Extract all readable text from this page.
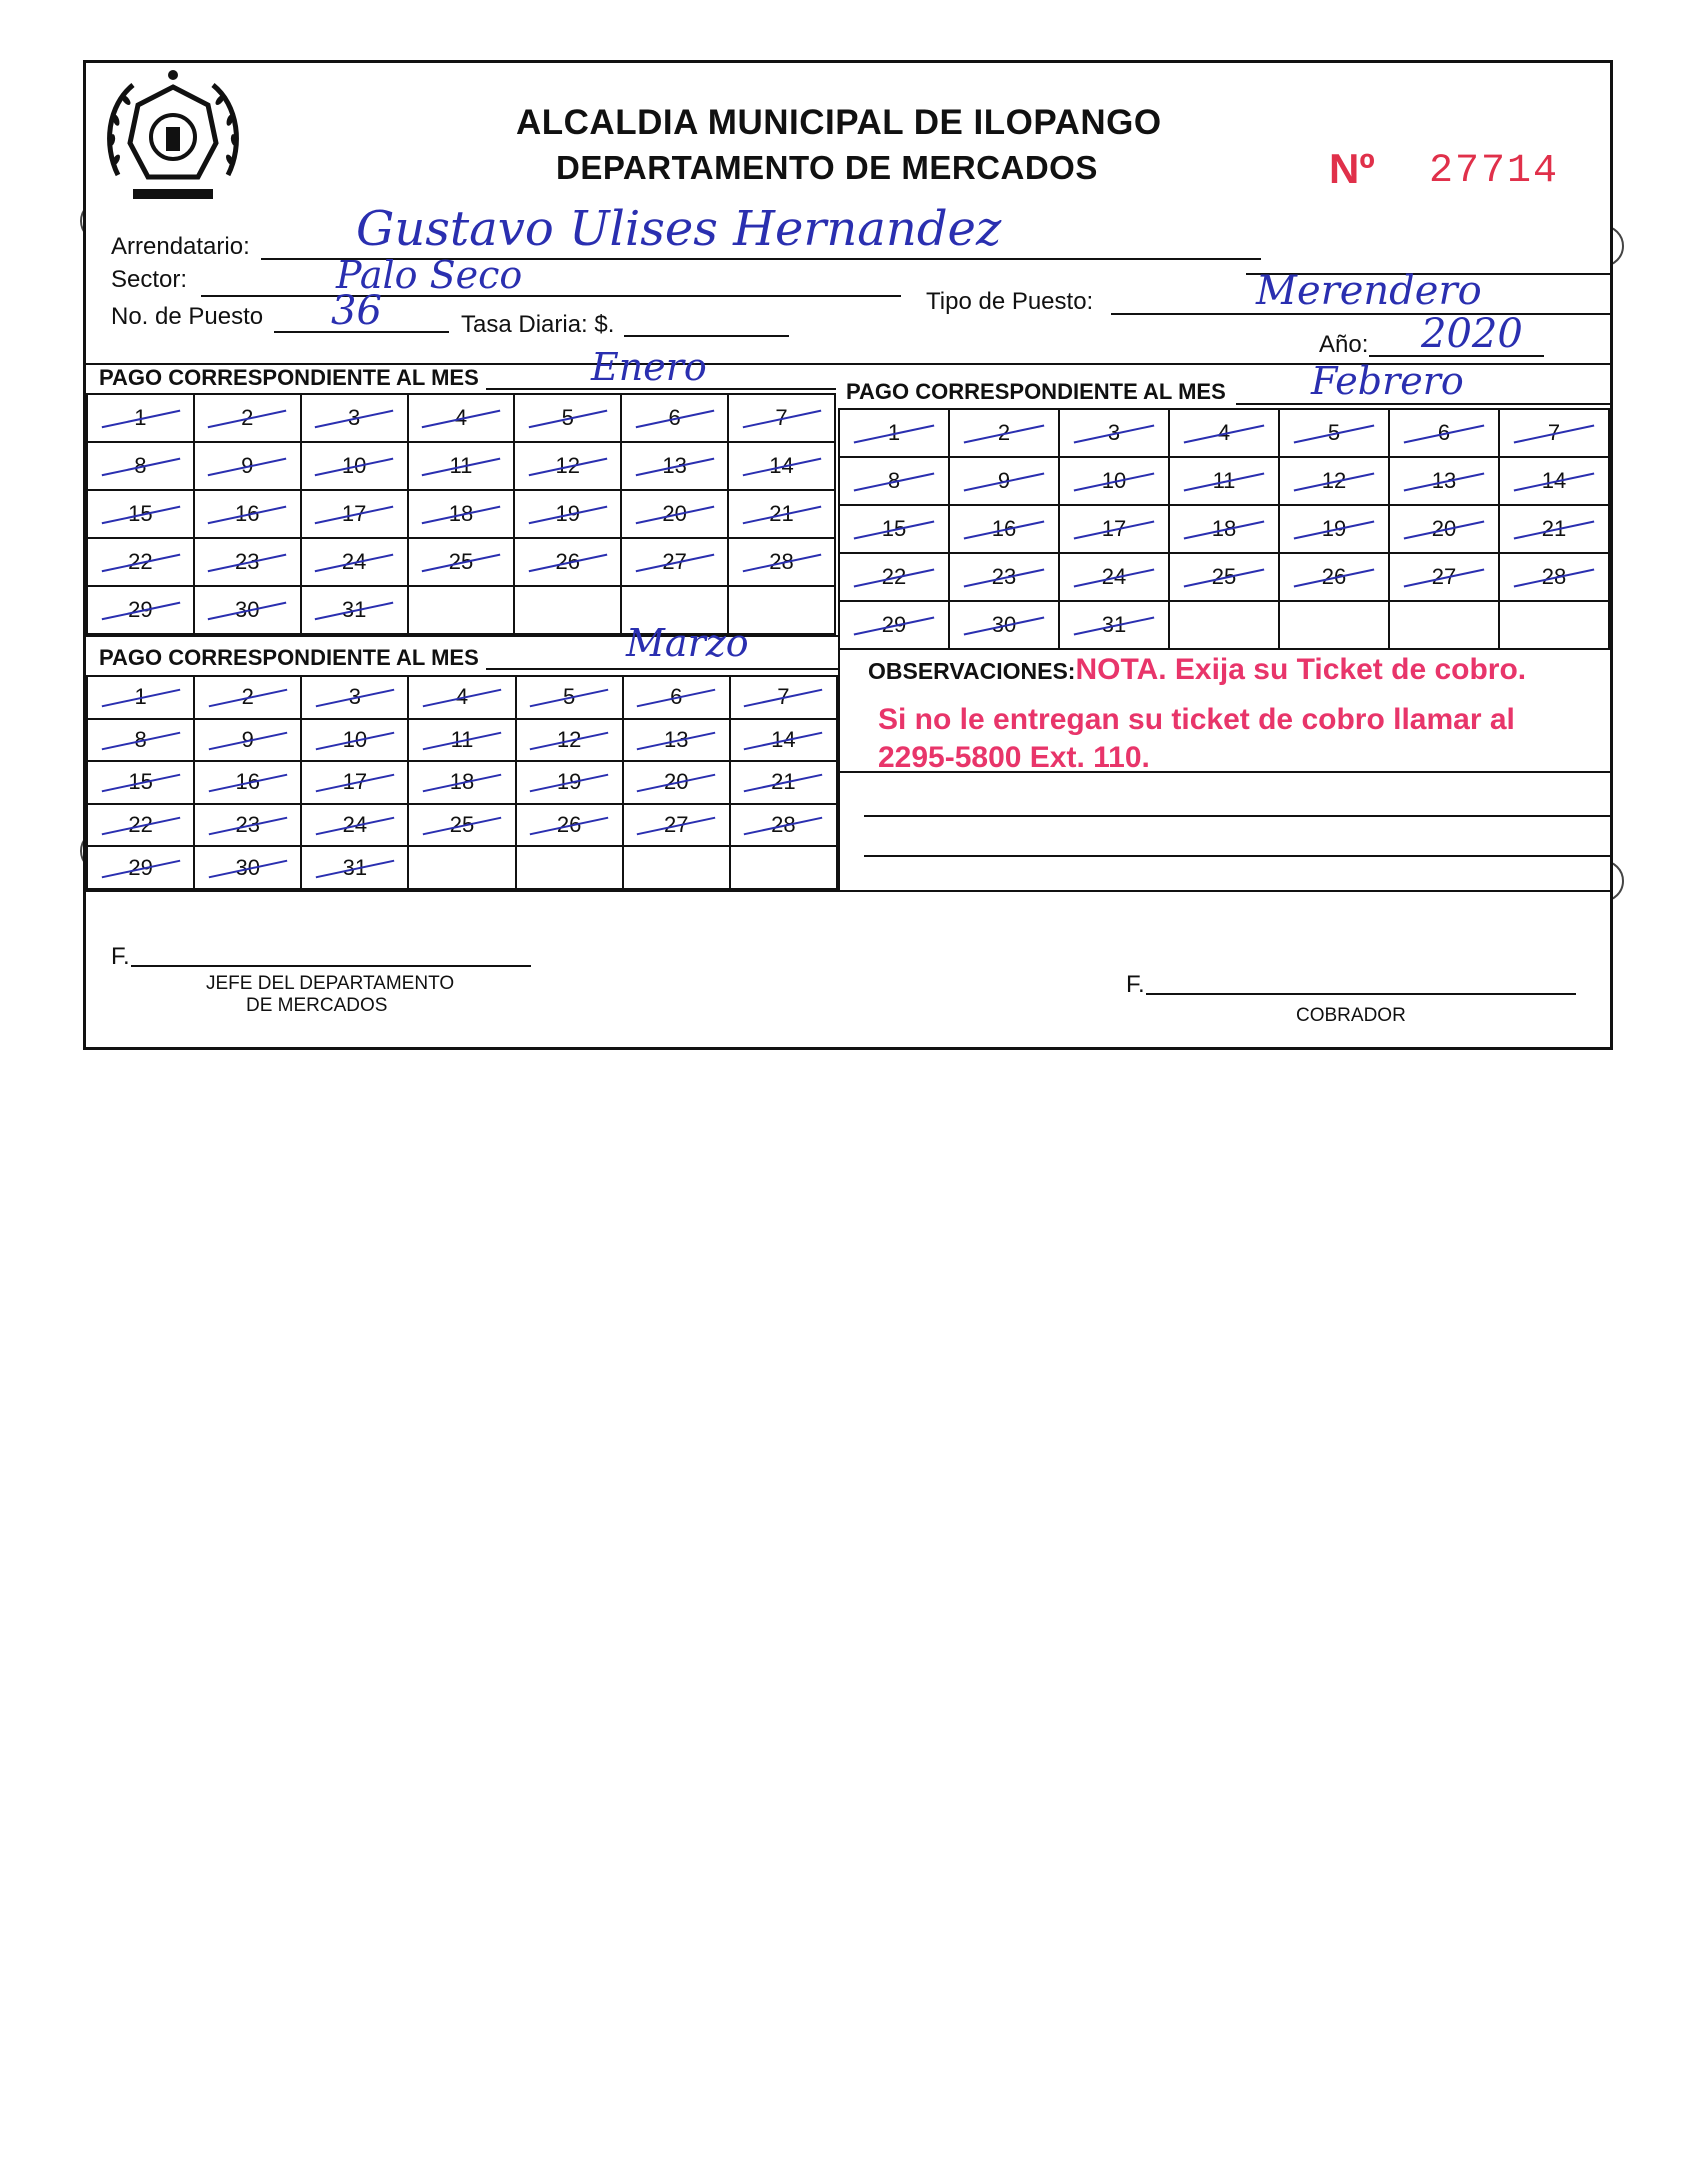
ALCALDIA MUNICIPAL DE ILOPANGO
DEPARTAMENTO DE MERCADOS	Nº 27714
Arrendatario: Gustavo Ulises Hernandez
Sector:	Palo Seco
Tipo de Puesto:	Merendero
No. de Puesto 36	Tasa Diaria: $.
Año: 2020
PAGO CORRESPONDIENTE AL MES	Enero
PAGO CORRESPONDIENTE AL MES Febrero
1	2	3	4	5	6	7
8	9	10	11	12	13	14
15	16	17	18	19	20	21
22	23	24	25	26	27	28
29	30	31				
1	2	3	4	5	6	7
8	9	10	11	12	13	14
15	16	17	18	19	20	21
22	23	24	25	26	27	28
29	30	31				
PAGO CORRESPONDIENTE AL MES	Marzo
1	2	3	4	5	6	7
8	9	10	11	12	13	14
15	16	17	18	19	20	21
22	23	24	25	26	27	28
29	30	31				
OBSERVACIONES:NOTA. Exija su Ticket de cobro.
Si no le entregan su ticket de cobro llamar al 2295-5800 Ext. 110.
F.
JEFE DEL DEPARTAMENTO
DE MERCADOS
F.
COBRADOR
